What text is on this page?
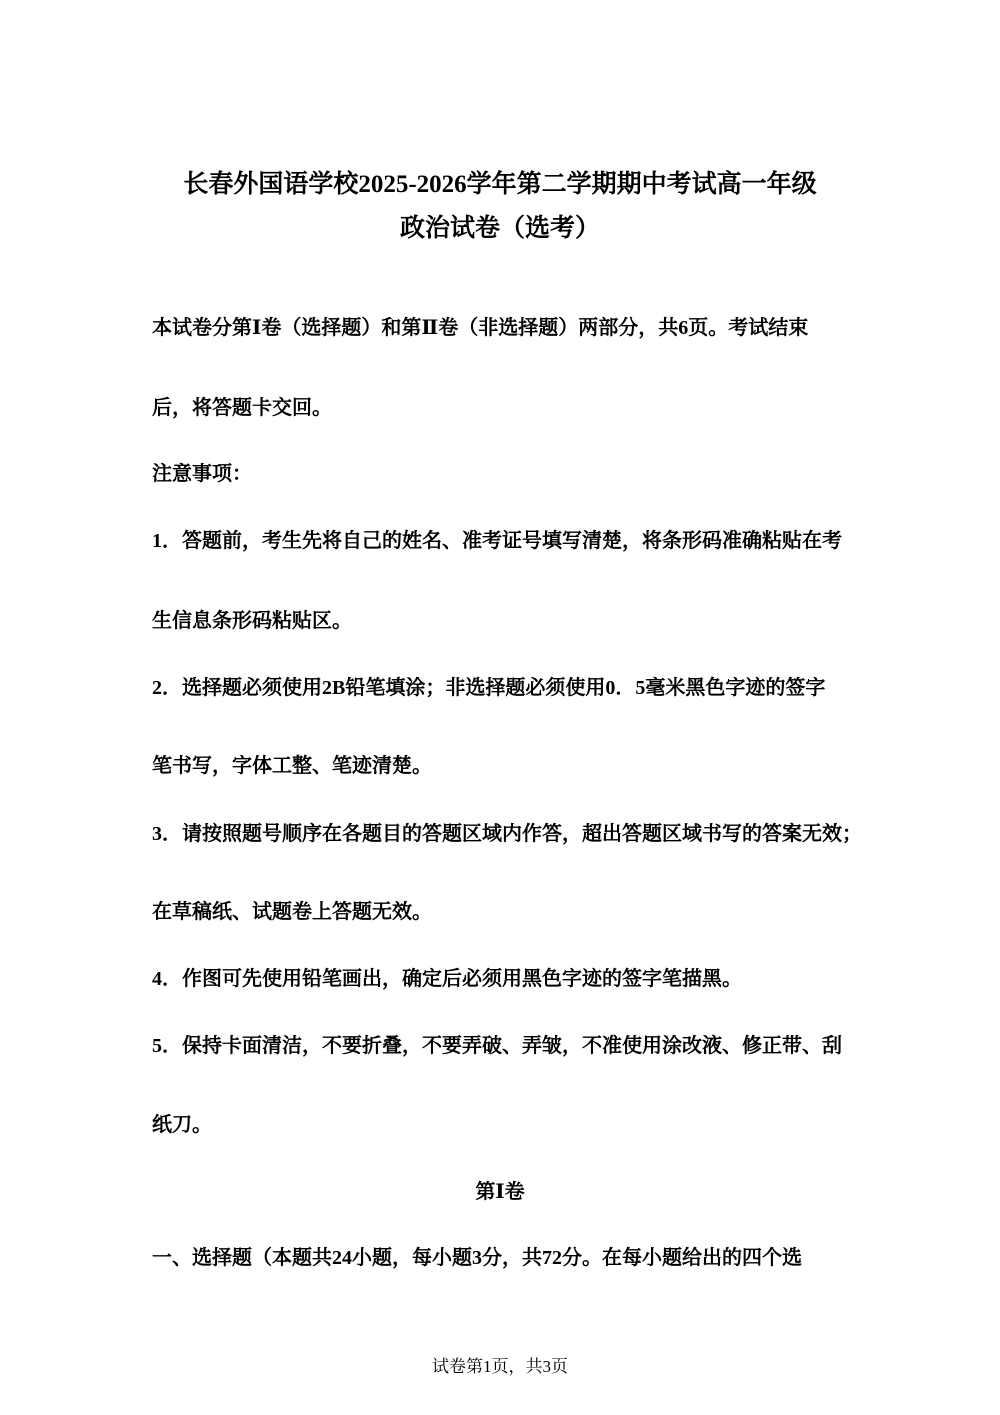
长春外国语学校2025-2026学年第二学期期中考试高一年级
政治试卷（选考）
本试卷分第Ⅰ卷（选择题）和第Ⅱ卷（非选择题）两部分，共6页。考试结束
后，将答题卡交回。
注意事项：
1．答题前，考生先将自己的姓名、准考证号填写清楚，将条形码准确粘贴在考
生信息条形码粘贴区。
2．选择题必须使用2B铅笔填涂；非选择题必须使用0．5毫米黑色字迹的签字
笔书写，字体工整、笔迹清楚。
3．请按照题号顺序在各题目的答题区域内作答，超出答题区域书写的答案无效；
在草稿纸、试题卷上答题无效。
4．作图可先使用铅笔画出，确定后必须用黑色字迹的签字笔描黑。
5．保持卡面清洁，不要折叠，不要弄破、弄皱，不准使用涂改液、修正带、刮
纸刀。
第Ⅰ卷
一、选择题（本题共24小题，每小题3分，共72分。在每小题给出的四个选
试卷第1页，共3页
